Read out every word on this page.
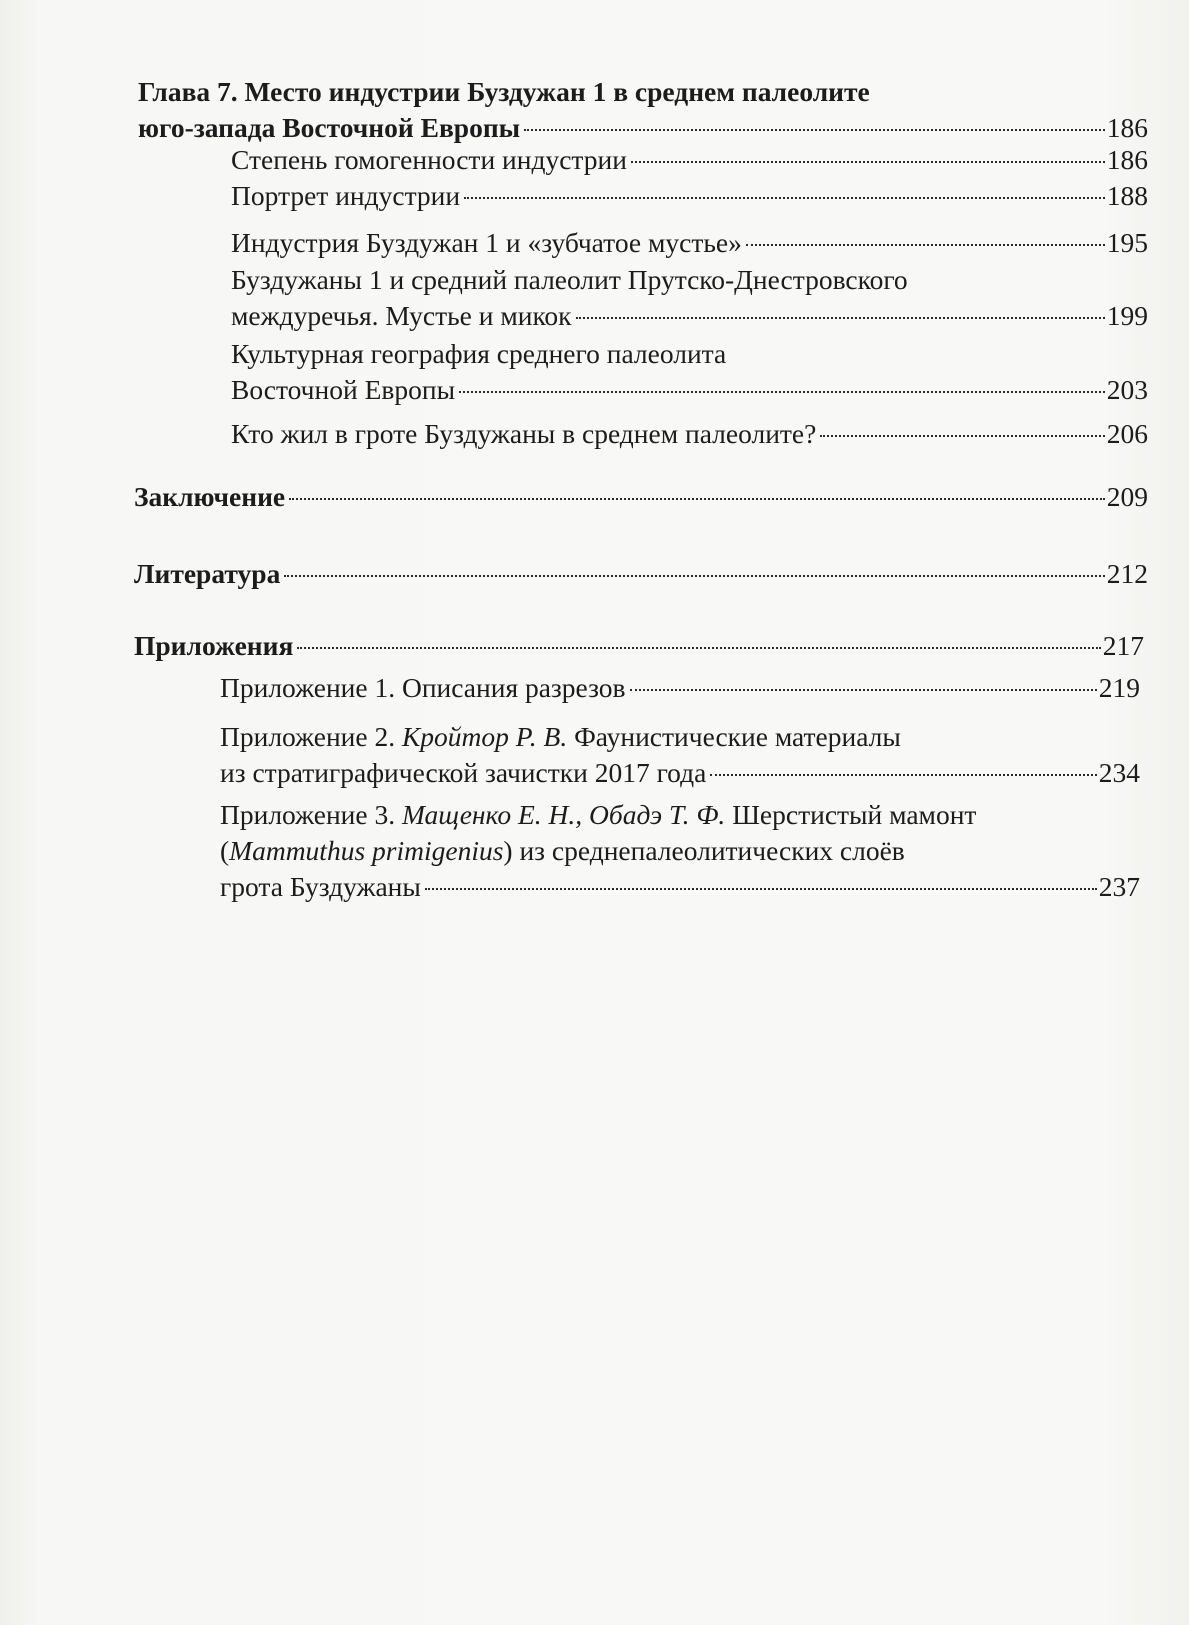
Глава 7. Место индустрии Буздужан 1 в среднем палеолите
юго-запада Восточной Европы	186
Степень гомогенности индустрии	186
Портрет индустрии	188
Индустрия Буздужан 1 и «зубчатое мустье»	195
Буздужаны 1 и средний палеолит Прутско-Днестровского
междуречья. Мустье и микок	199
Культурная география среднего палеолита
Восточной Европы	203
Кто жил в гроте Буздужаны в среднем палеолите?	206
Заключение	209
Литература	212
Приложения	217
Приложение 1. Описания разрезов	219
Приложение 2. Кройтор Р. В. Фаунистические материалы
из стратиграфической зачистки 2017 года	234
Приложение 3. Мащенко Е. Н., Обадэ Т. Ф. Шерстистый мамонт
(Mammuthus primigenius) из среднепалеолитических слоёв
грота Буздужаны	237
